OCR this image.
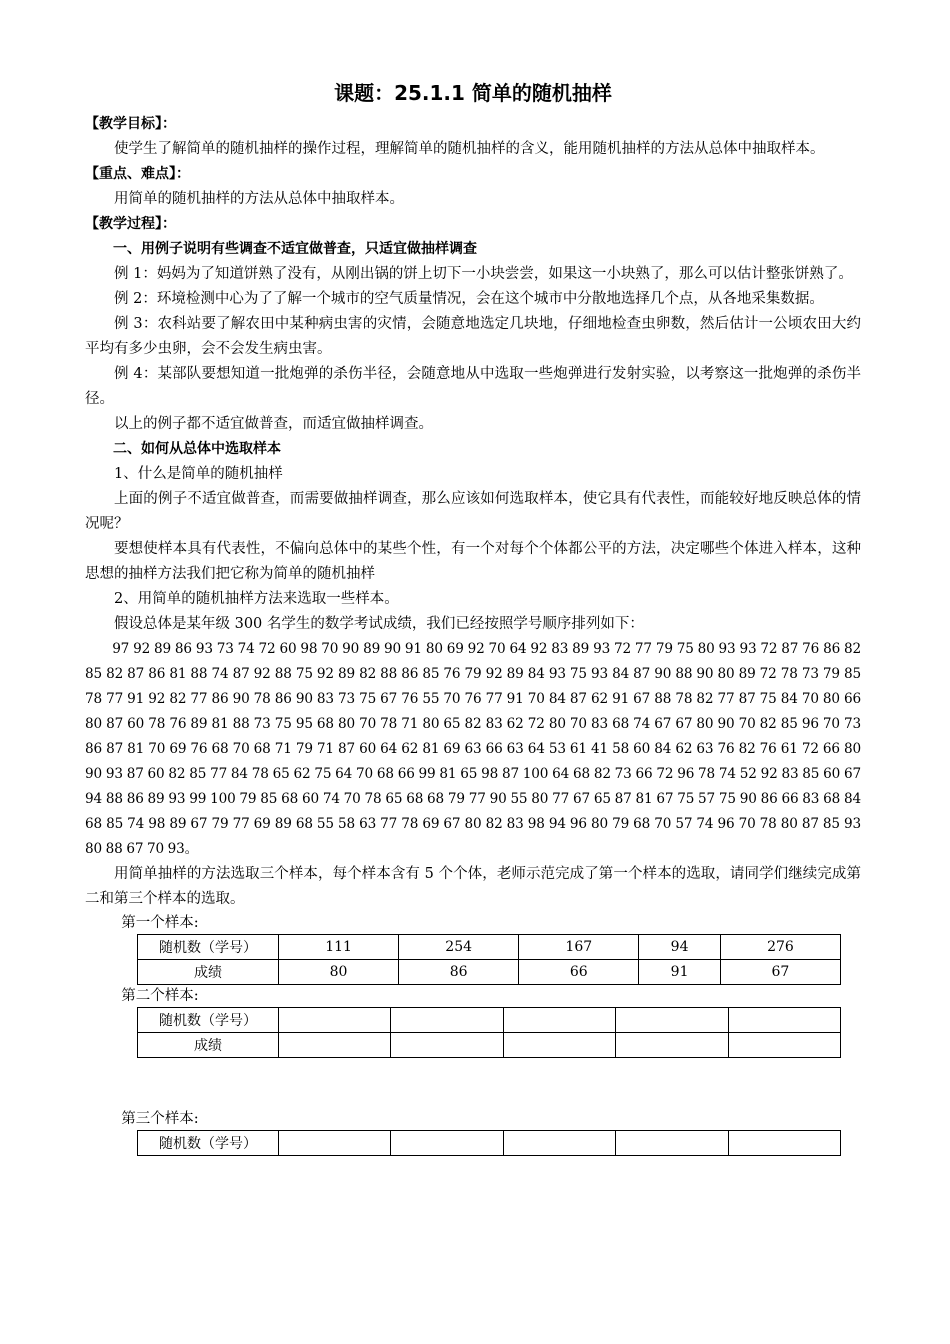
课题：25.1.1 简单的随机抽样
【教学目标】：
使学生了解简单的随机抽样的操作过程，理解简单的随机抽样的含义，能用随机抽样的方法从总体中抽取样本。
【重点、难点】：
用简单的随机抽样的方法从总体中抽取样本。
【教学过程】：
一、用例子说明有些调查不适宜做普查，只适宜做抽样调查
例 1：妈妈为了知道饼熟了没有，从刚出锅的饼上切下一小块尝尝，如果这一小块熟了，那么可以估计整张饼熟了。
例 2：环境检测中心为了了解一个城市的空气质量情况，会在这个城市中分散地选择几个点，从各地采集数据。
例 3：农科站要了解农田中某种病虫害的灾情，会随意地选定几块地，仔细地检查虫卵数，然后估计一公顷农田大约平均有多少虫卵，会不会发生病虫害。
例 4：某部队要想知道一批炮弹的杀伤半径，会随意地从中选取一些炮弹进行发射实验，以考察这一批炮弹的杀伤半径。
以上的例子都不适宜做普查，而适宜做抽样调查。
二、如何从总体中选取样本
1、什么是简单的随机抽样
上面的例子不适宜做普查，而需要做抽样调查，那么应该如何选取样本，使它具有代表性，而能较好地反映总体的情况呢？
要想使样本具有代表性，不偏向总体中的某些个性，有一个对每个个体都公平的方法，决定哪些个体进入样本，这种思想的抽样方法我们把它称为简单的随机抽样
2、用简单的随机抽样方法来选取一些样本。
假设总体是某年级 300 名学生的数学考试成绩，我们已经按照学号顺序排列如下：
97 92 89 86 93 73 74 72 60 98 70 90 89 90 91 80 69 92 70 64 92 83 89 93 72 77 79 75 80 93 93 72 87 76 86 82 85 82 87 86 81 88 74 87 92 88 75 92 89 82 88 86 85 76 79 92 89 84 93 75 93 84 87 90 88 90 80 89 72 78 73 79 85 78 77 91 92 82 77 86 90 78 86 90 83 73 75 67 76 55 70 76 77 91 70 84 87 62 91 67 88 78 82 77 87 75 84 70 80 66 80 87 60 78 76 89 81 88 73 75 95 68 80 70 78 71 80 65 82 83 62 72 80 70 83 68 74 67 67 80 90 70 82 85 96 70 73 86 87 81 70 69 76 68 70 68 71 79 71 87 60 64 62 81 69 63 66 63 64 53 61 41 58 60 84 62 63 76 82 76 61 72 66 80 90 93 87 60 82 85 77 84 78 65 62 75 64 70 68 66 99 81 65 98 87 100 64 68 82 73 66 72 96 78 74 52 92 83 85 60 67 94 88 86 89 93 99 100 79 85 68 60 74 70 78 65 68 68 79 77 90 55 80 77 67 65 87 81 67 75 57 75 90 86 66 83 68 84 68 85 74 98 89 67 79 77 69 89 68 55 58 63 77 78 69 67 80 82 83 98 94 96 80 79 68 70 57 74 96 70 78 80 87 85 93 80 88 67 70 93。
用简单抽样的方法选取三个样本，每个样本含有 5 个个体，老师示范完成了第一个样本的选取，请同学们继续完成第二和第三个样本的选取。
第一个样本:
随机数（学号）	111	254	167	94	276
成绩	80	86	66	91	67
第二个样本:
随机数（学号）					
成绩					
第三个样本:
随机数（学号）					
